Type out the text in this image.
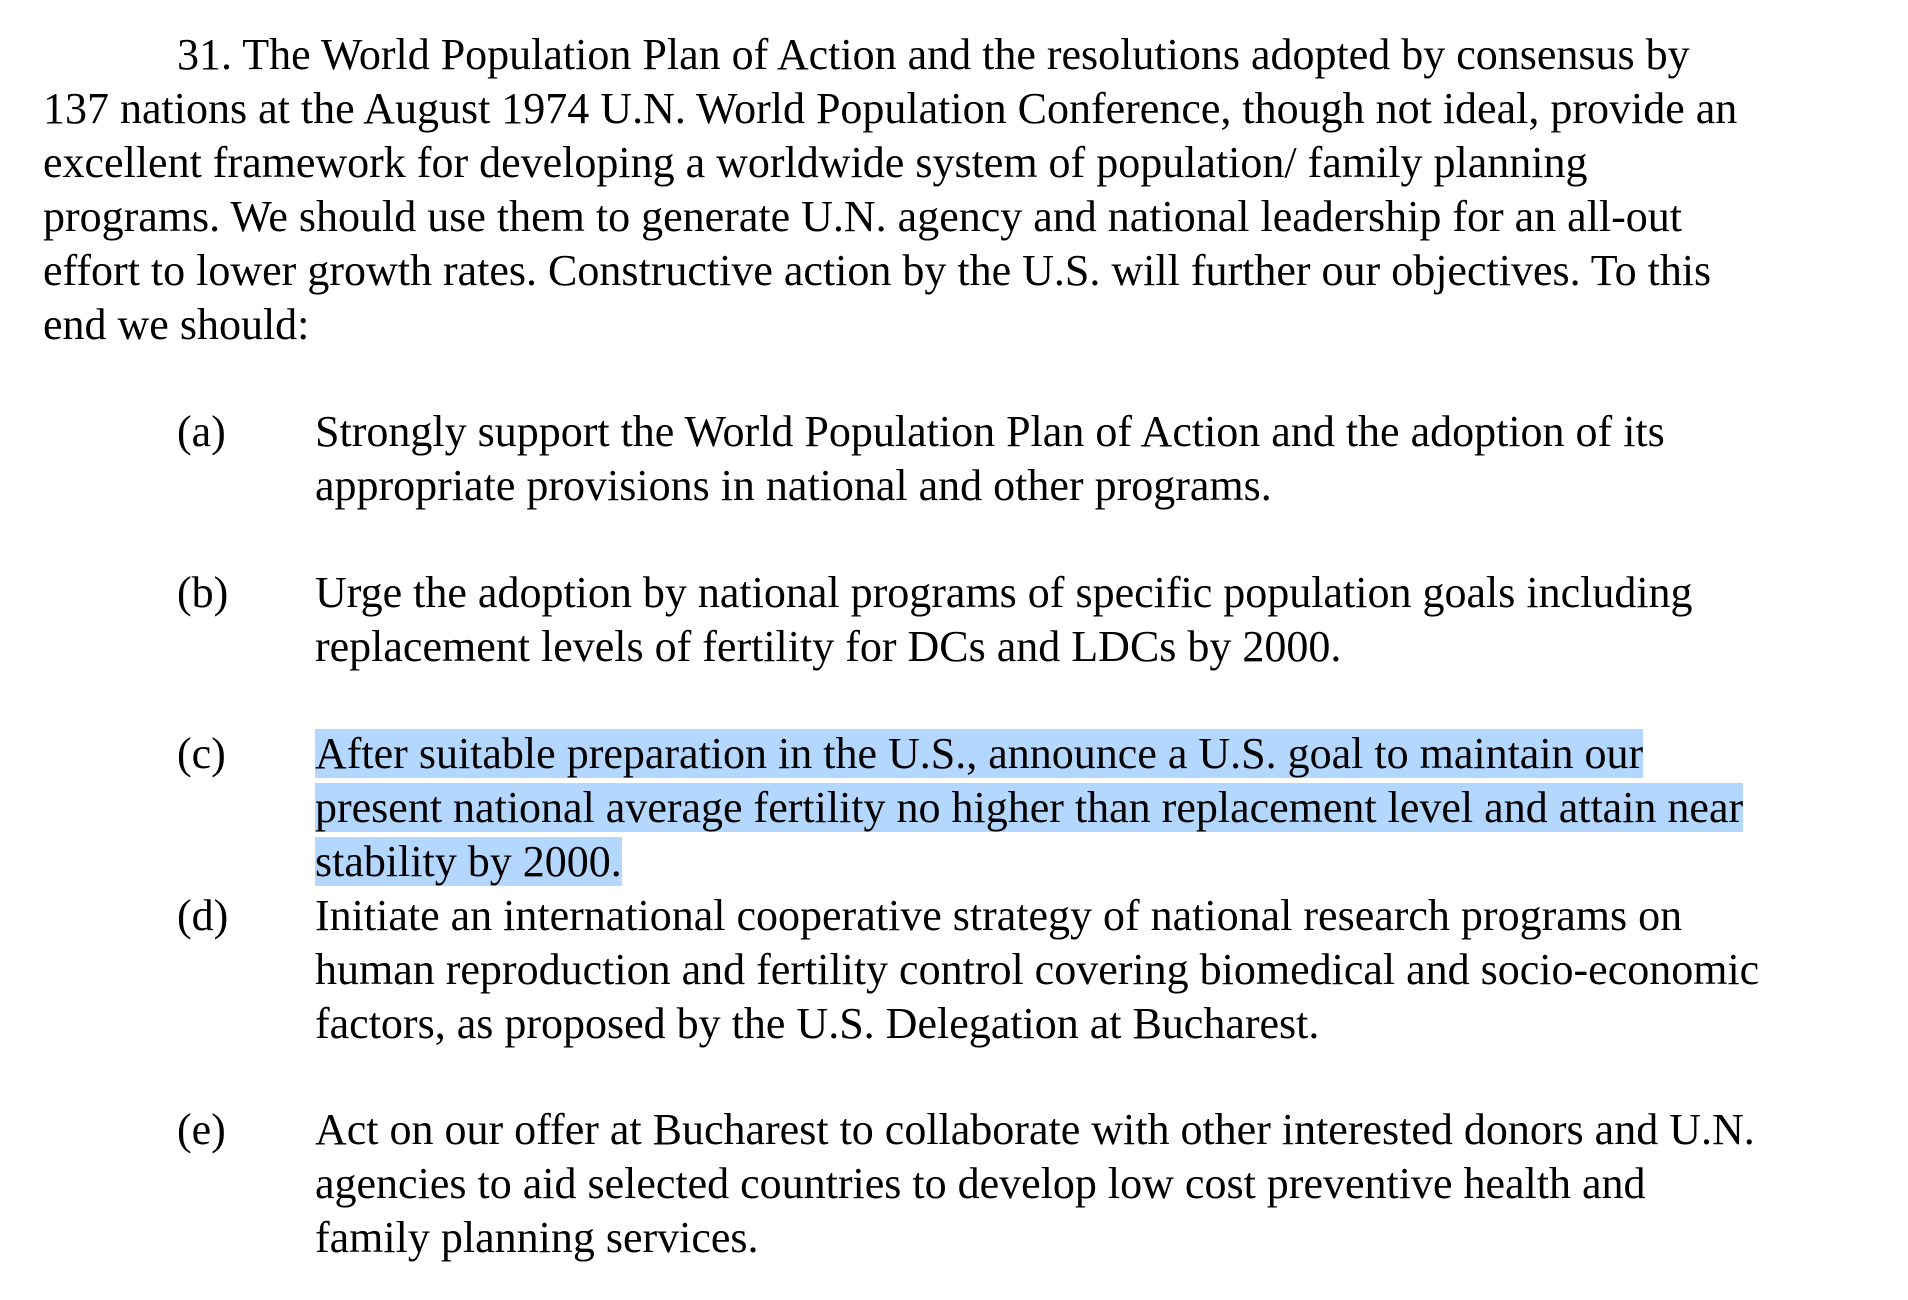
31. The World Population Plan of Action and the resolutions adopted by consensus by
137 nations at the August 1974 U.N. World Population Conference, though not ideal, provide an
excellent framework for developing a worldwide system of population/ family planning
programs. We should use them to generate U.N. agency and national leadership for an all-out
effort to lower growth rates. Constructive action by the U.S. will further our objectives. To this
end we should:
(a) Strongly support the World Population Plan of Action and the adoption of its
appropriate provisions in national and other programs.
(b) Urge the adoption by national programs of specific population goals including
replacement levels of fertility for DCs and LDCs by 2000.
(c) After suitable preparation in the U.S., announce a U.S. goal to maintain our
present national average fertility no higher than replacement level and attain near
stability by 2000.
(d) Initiate an international cooperative strategy of national research programs on
human reproduction and fertility control covering biomedical and socio-economic
factors, as proposed by the U.S. Delegation at Bucharest.
(e) Act on our offer at Bucharest to collaborate with other interested donors and U.N.
agencies to aid selected countries to develop low cost preventive health and
family planning services.
